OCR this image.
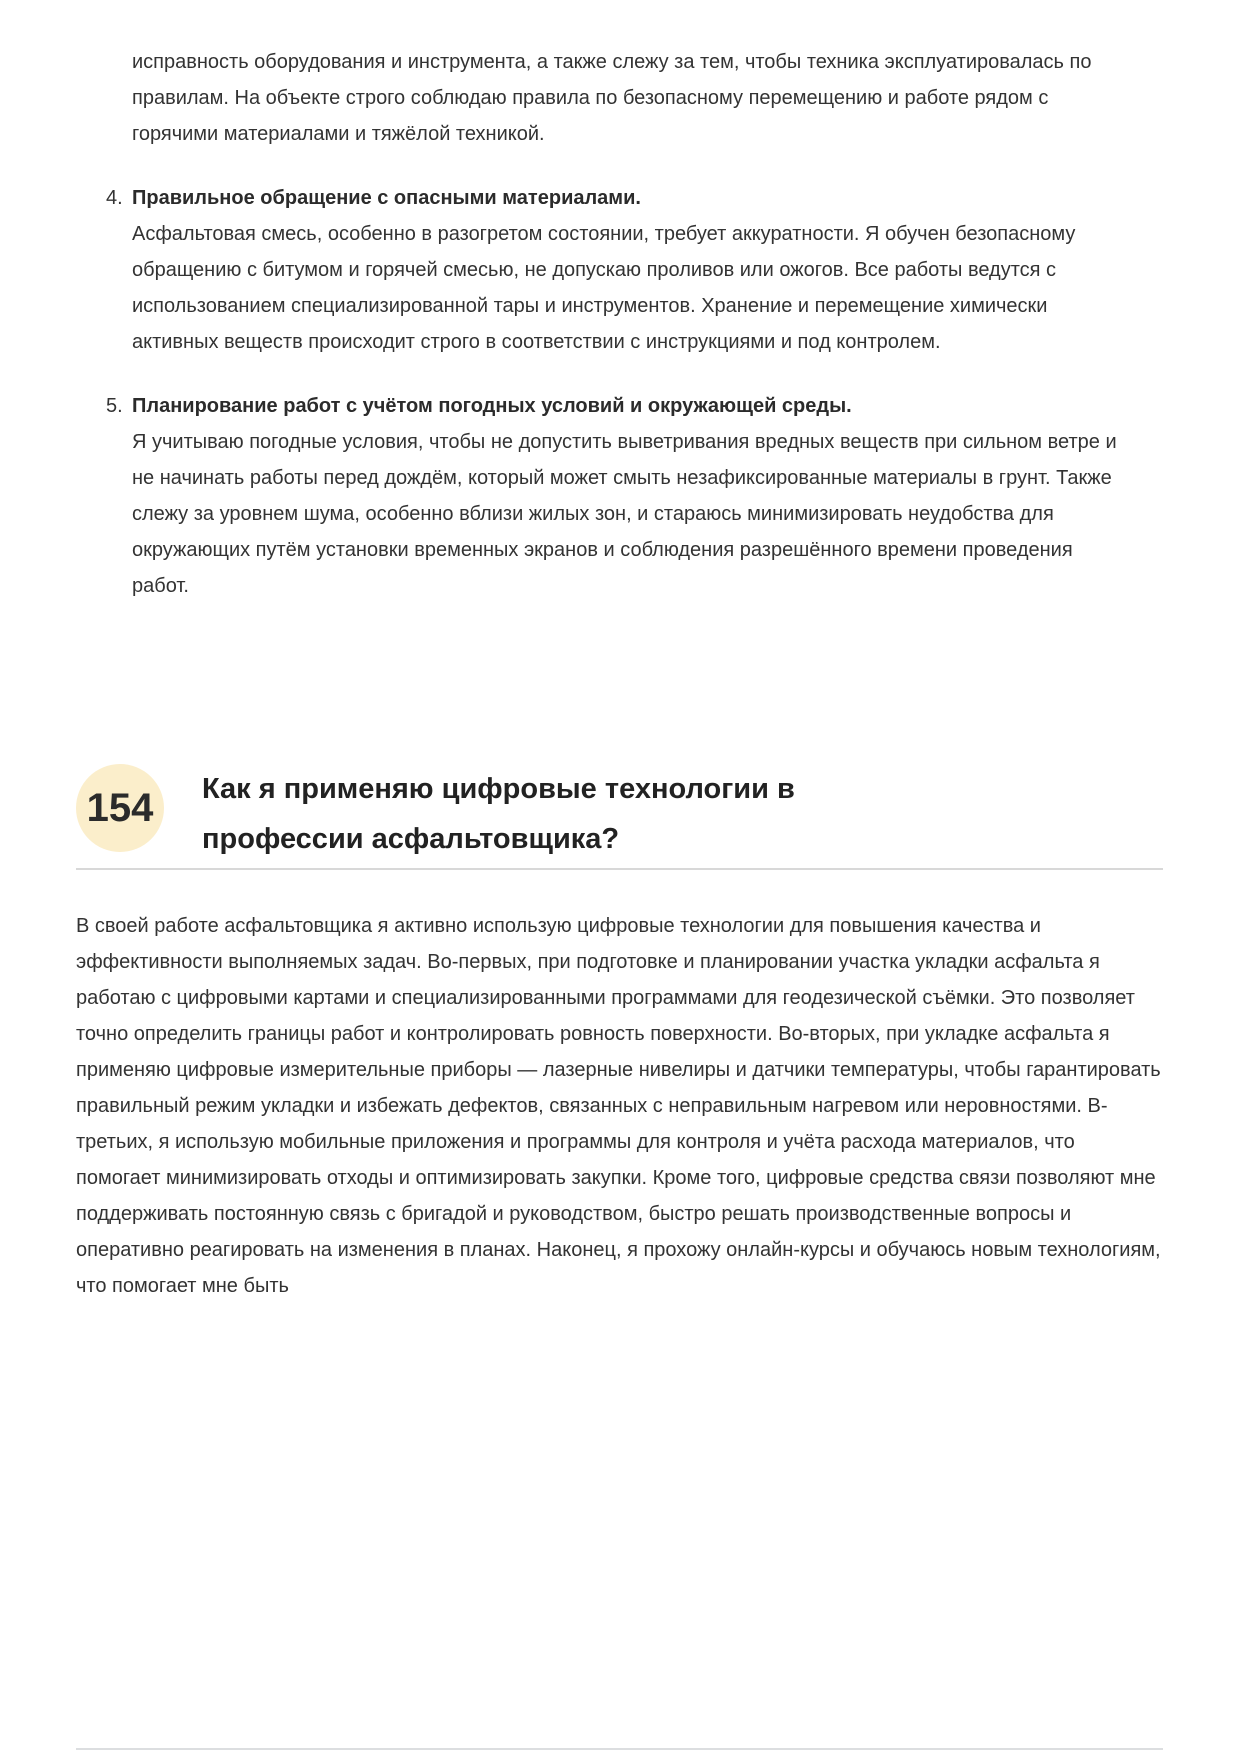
исправность оборудования и инструмента, а также слежу за тем, чтобы техника эксплуатировалась по правилам. На объекте строго соблюдаю правила по безопасному перемещению и работе рядом с горячими материалами и тяжёлой техникой.

4. Правильное обращение с опасными материалами.
Асфальтовая смесь, особенно в разогретом состоянии, требует аккуратности. Я обучен безопасному обращению с битумом и горячей смесью, не допускаю проливов или ожогов. Все работы ведутся с использованием специализированной тары и инструментов. Хранение и перемещение химически активных веществ происходит строго в соответствии с инструкциями и под контролем.
5. Планирование работ с учётом погодных условий и окружающей среды.
Я учитываю погодные условия, чтобы не допустить выветривания вредных веществ при сильном ветре и не начинать работы перед дождём, который может смыть незафиксированные материалы в грунт. Также слежу за уровнем шума, особенно вблизи жилых зон, и стараюсь минимизировать неудобства для окружающих путём установки временных экранов и соблюдения разрешённого времени проведения работ.
154 Как я применяю цифровые технологии в профессии асфальтовщика?

В своей работе асфальтовщика я активно использую цифровые технологии для повышения качества и эффективности выполняемых задач. Во-первых, при подготовке и планировании участка укладки асфальта я работаю с цифровыми картами и специализированными программами для геодезической съёмки. Это позволяет точно определить границы работ и контролировать ровность поверхности. Во-вторых, при укладке асфальта я применяю цифровые измерительные приборы — лазерные нивелиры и датчики температуры, чтобы гарантировать правильный режим укладки и избежать дефектов, связанных с неправильным нагревом или неровностями. В-третьих, я использую мобильные приложения и программы для контроля и учёта расхода материалов, что помогает минимизировать отходы и оптимизировать закупки. Кроме того, цифровые средства связи позволяют мне поддерживать постоянную связь с бригадой и руководством, быстро решать производственные вопросы и оперативно реагировать на изменения в планах. Наконец, я прохожу онлайн-курсы и обучаюсь новым технологиям, что помогает мне быть
